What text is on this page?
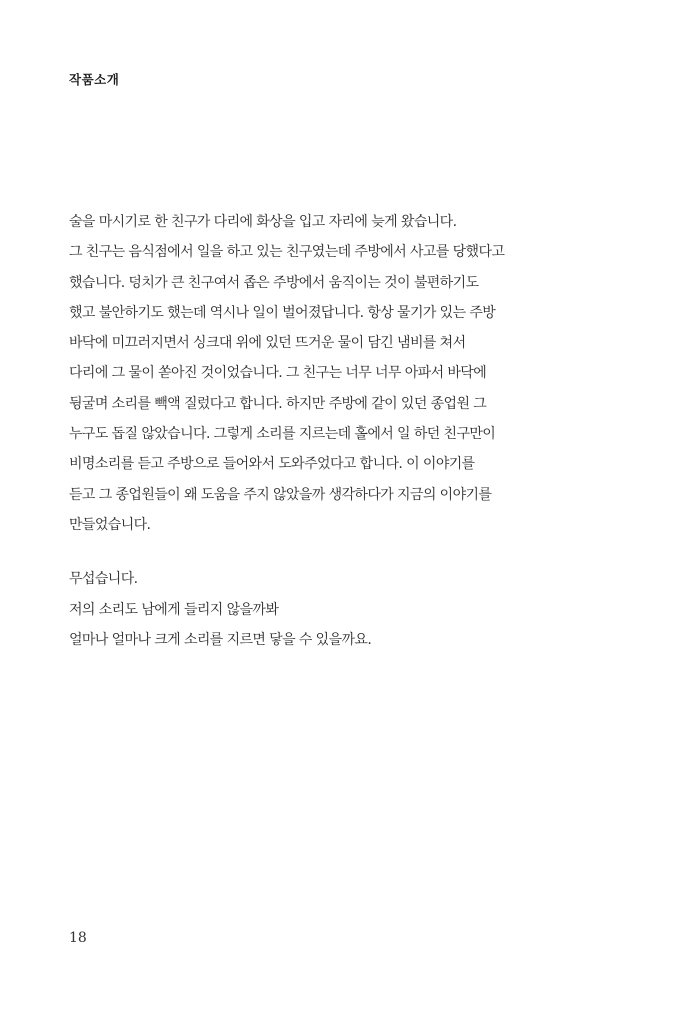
작품소개
술을 마시기로 한 친구가 다리에 화상을 입고 자리에 늦게 왔습니다.
그 친구는 음식점에서 일을 하고 있는 친구였는데 주방에서 사고를 당했다고
했습니다. 덩치가 큰 친구여서 좁은 주방에서 움직이는 것이 불편하기도
했고 불안하기도 했는데 역시나 일이 벌어졌답니다. 항상 물기가 있는 주방
바닥에 미끄러지면서 싱크대 위에 있던 뜨거운 물이 담긴 냄비를 쳐서
다리에 그 물이 쏟아진 것이었습니다. 그 친구는 너무 너무 아파서 바닥에
뒹굴며 소리를 빽액 질렀다고 합니다. 하지만 주방에 같이 있던 종업원 그
누구도 돕질 않았습니다. 그렇게 소리를 지르는데 홀에서 일 하던 친구만이
비명소리를 듣고 주방으로 들어와서 도와주었다고 합니다. 이 이야기를
듣고 그 종업원들이 왜 도움을 주지 않았을까 생각하다가 지금의 이야기를
만들었습니다.
무섭습니다.
저의 소리도 남에게 들리지 않을까봐
얼마나 얼마나 크게 소리를 지르면 닿을 수 있을까요.
18
